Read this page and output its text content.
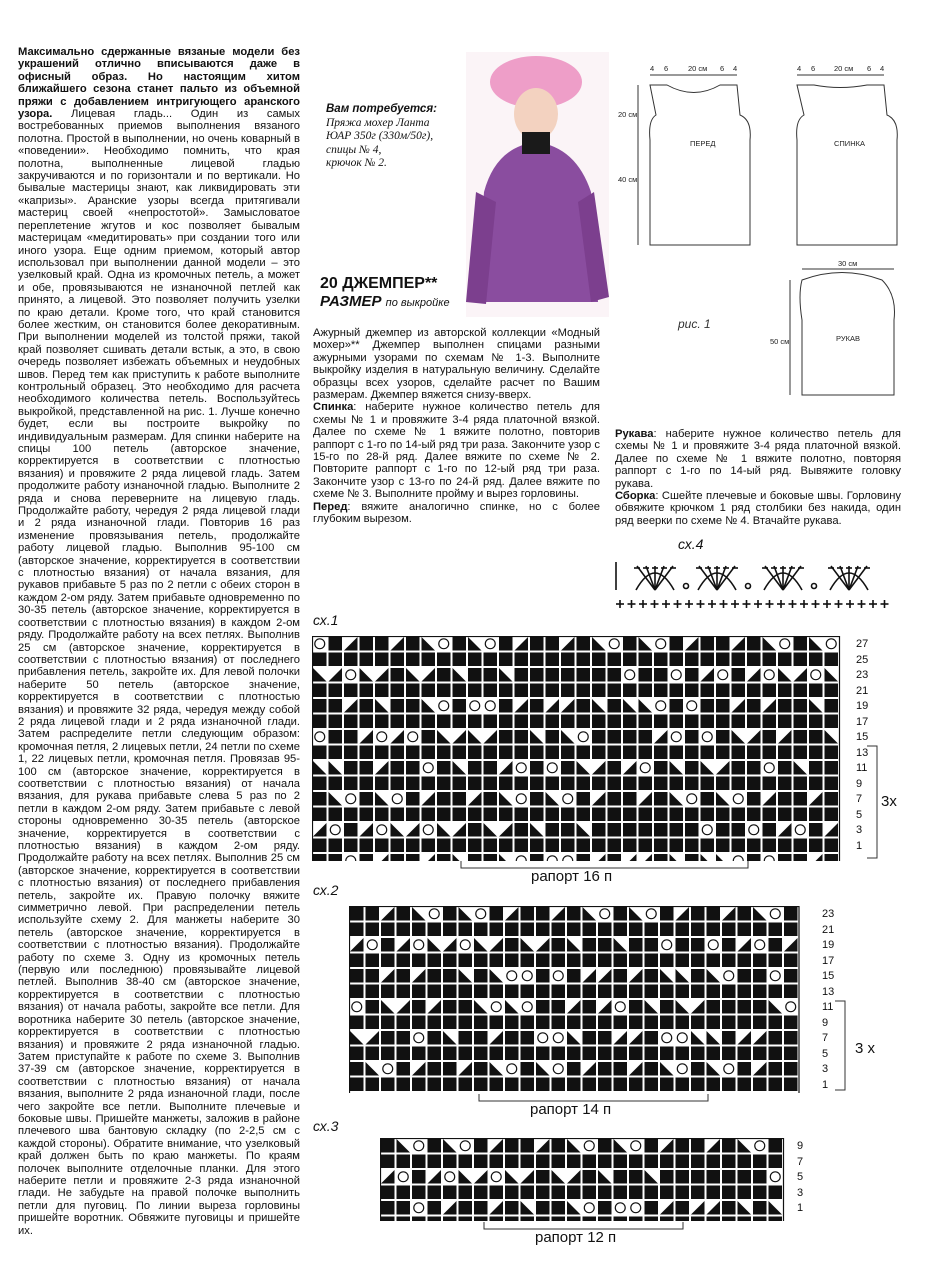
Максимально сдержанные вязаные модели без украшений отлично вписываются даже в офисный образ. Но настоящим хитом ближайшего сезона станет пальто из объемной пряжи с добавлением интригующего аранского узора. Лицевая гладь... Один из самых востребованных приемов выполнения вязаного полотна. Простой в выполнении, но очень коварный в «поведении». Необходимо помнить, что края полотна, выполненные лицевой гладью закручиваются и по горизонтали и по вертикали. Но бывалые мастерицы знают, как ликвидировать эти «капризы». Аранские узоры всегда притягивали мастериц своей «непростотой». Замысловатое переплетение жгутов и кос позволяет бывалым мастерицам «медитировать» при создании того или иного узора. Еще одним приемом, который автор использовал при выполнении данной модели – это узелковый край. Одна из кромочных петель, а может и обе, провязываются не изнаночной петлей как принято, а лицевой. Это позволяет получить узелки по краю детали. Кроме того, что край становится более жестким, он становится более декоративным. При выполнении моделей из толстой пряжи, такой край позволяет сшивать детали встык, а это, в свою очередь позволяет избежать объемных и неудобных швов. Перед тем как приступить к работе выполните контрольный образец. Это необходимо для расчета необходимого количества петель. Воспользуйтесь выкройкой, представленной на рис. 1. Лучше конечно будет, если вы построите выкройку по индивидуальным размерам. Для спинки наберите на спицы 100 петель (авторское значение, корректируется в соответствии с плотностью вязания) и провяжите 2 ряда лицевой гладь. Затем продолжите работу изнаночной гладью. Выполните 2 ряда и снова переверните на лицевую гладь. Продолжайте работу, чередуя 2 ряда лицевой глади и 2 ряда изнаночной глади. Повторив 16 раз изменение провязывания петель, продолжайте работу лицевой гладью. Выполнив 95-100 см (авторское значение, корректируется в соответствии с плотностью вязания) от начала вязания, для рукавов прибавьте 5 раз по 2 петли с обеих сторон в каждом 2-ом ряду. Затем прибавьте одновременно по 30-35 петель (авторское значение, корректируется в соответствии с плотностью вязания) в каждом 2-ом ряду. Продолжайте работу на всех петлях. Выполнив 25 см (авторское значение, корректируется в соответствии с плотностью вязания) от последнего прибавления петель, закройте их. Для левой полочки наберите 50 петель (авторское значение, корректируется в соответствии с плотностью вязания) и провяжите 32 ряда, чередуя между собой 2 ряда лицевой глади и 2 ряда изнаночной глади. Затем распределите петли следующим образом: кромочная петля, 2 лицевых петли, 24 петли по схеме 1, 22 лицевых петли, кромочная петля. Провязав 95-100 см (авторское значение, корректируется в соответствии с плотностью вязания) от начала вязания, для рукава прибавьте слева 5 раз по 2 петли в каждом 2-ом ряду. Затем прибавьте с левой стороны одновременно 30-35 петель (авторское значение, корректируется в соответствии с плотностью вязания) в каждом 2-ом ряду. Продолжайте работу на всех петлях. Выполнив 25 см (авторское значение, корректируется в соответствии с плотностью вязания) от последнего прибавления петель, закройте их. Правую полочку вяжите симметрично левой. При распределении петель используйте схему 2. Для манжеты наберите 30 петель (авторское значение, корректируется в соответствии с плотностью вязания). Продолжайте работу по схеме 3. Одну из кромочных петель (первую или последнюю) провязывайте лицевой петлей. Выполнив 38-40 см (авторское значение, корректируется в соответствии с плотностью вязания) от начала работы, закройте все петли. Для воротника наберите 30 петель (авторское значение, корректируется в соответствии с плотностью вязания) и провяжите 2 ряда изнаночной гладью. Затем приступайте к работе по схеме 3. Выполнив 37-39 см (авторское значение, корректируется в соответствии с плотностью вязания) от начала вязания, выполните 2 ряда изнаночной глади, после чего закройте все петли. Выполните плечевые и боковые швы. Пришейте манжеты, заложив в районе плечевого шва бантовую складку (по 2-2,5 см с каждой стороны). Обратите внимание, что узелковый край должен быть по краю манжеты. По краям полочек выполните отделочные планки. Для этого наберите петли и провяжите 2-3 ряда изнаночной глади. Не забудьте на правой полочке выполнить петли для пуговиц. По линии выреза горловины пришейте воротник. Обвяжите пуговицы и пришейте их.

Вам потребуется:
Пряжа мохер Ланта
ЮАР 350г (330м/50г),
спицы № 4,
крючок № 2.
20 ДЖЕМПЕР**
РАЗМЕР по выкройке

Ажурный джемпер из авторской коллекции «Модный мохер»** Джемпер выполнен спицами разными ажурными узорами по схемам № 1-3. Выполните выкройку изделия в натуральную величину. Сделайте образцы всех узоров, сделайте расчет по Вашим размерам. Джемпер вяжется снизу-вверх.

Спинка: наберите нужное количество петель для схемы № 1 и провяжите 3-4 ряда платочной вязкой. Далее по схеме № 1 вяжите полотно, повторив раппорт с 1-го по 14-ый ряд три раза. Закончите узор с 15-го по 28-й ряд. Далее вяжите по схеме № 2. Повторите раппорт с 1-го по 12-ый ряд три раза. Закончите узор с 13-го по 24-й ряд. Далее вяжите по схеме № 3. Выполните пройму и вырез горловины.

Перед: вяжите аналогично спинке, но с более глубоким вырезом.

Рукава: наберите нужное количество петель для схемы № 1 и провяжите 3-4 ряда платочной вязкой. Далее по схеме № 1 вяжите полотно, повторяя раппорт с 1-го по 14-ый ряд. Вывяжите головку рукава.

Сборка: Сшейте плечевые и боковые швы. Горловину обвяжите крючком 1 ряд столбики без накида, один ряд веерки по схеме № 4. Втачайте рукава.

4 6	20 см 6 4	4 6	20 см 6 4
20 см
40 см
ПЕРЕД	СПИНКА
30 см
50 см	РУКАВ
рис. 1
сх.4
сх.1
27
25
23
21
19
17
15
13
11
9
7
5
3
1
3х
рапорт 16 п
сх.2
23
21
19
17
15
13
11
9
7
5
3
1
3 х
рапорт 14 п
сх.3
9
7
5
3
1
рапорт 12 п
